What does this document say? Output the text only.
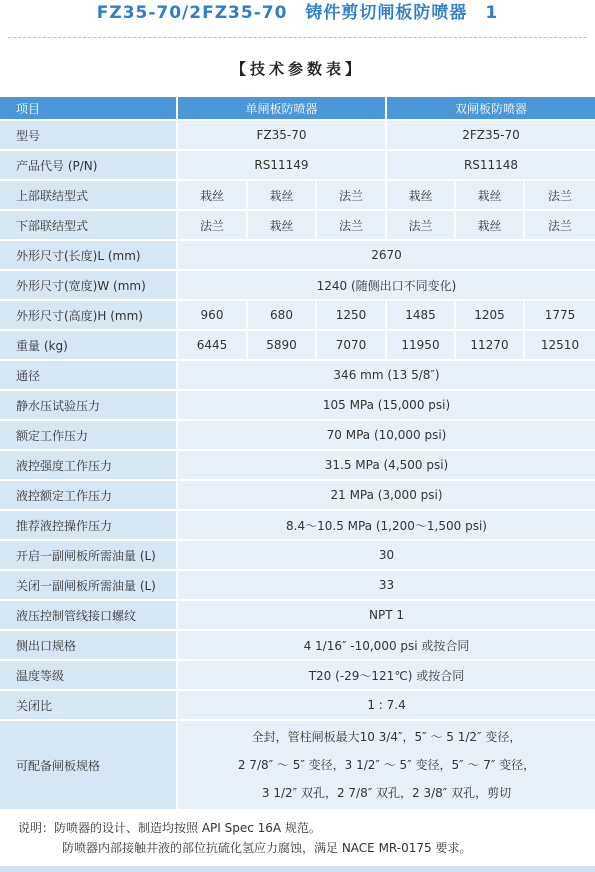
FZ35-70/2FZ35-70　铸件剪切闸板防喷器　1
【技术参数表】
项目	单闸板防喷器			双闸板防喷器		
型号	FZ35-70			2FZ35-70		
产品代号 (P/N)	RS11149			RS11148		
上部联结型式	栽丝	栽丝	法兰	栽丝	栽丝	法兰
下部联结型式	法兰	栽丝	法兰	法兰	栽丝	法兰
外形尺寸(长度)L (mm)	2670					
外形尺寸(宽度)W (mm)	1240 (随侧出口不同变化)					
外形尺寸(高度)H (mm)	960	680	1250	1485	1205	1775
重量 (kg)	6445	5890	7070	11950	11270	12510
通径	346 mm (13 5/8″)					
静水压试验压力	105 MPa (15,000 psi)					
额定工作压力	70 MPa (10,000 psi)					
液控强度工作压力	31.5 MPa (4,500 psi)					
液控额定工作压力	21 MPa (3,000 psi)					
推荐液控操作压力	8.4～10.5 MPa (1,200～1,500 psi)					
开启一副闸板所需油量 (L)	30					
关闭一副闸板所需油量 (L)	33					
液压控制管线接口螺纹	NPT 1					
侧出口规格	4 1/16″ -10,000 psi 或按合同					
温度等级	T20 (-29～121℃) 或按合同					
关闭比	1 : 7.4					
可配备闸板规格	全封，管柱闸板最大10 3/4″，5″ ～ 5 1/2″ 变径，
2 7/8″ ～ 5″ 变径，3 1/2″ ～ 5″ 变径，5″ ～ 7″ 变径，
3 1/2″ 双孔，2 7/8″ 双孔，2 3/8″ 双孔，剪切					
说明：防喷器的设计、制造均按照 API Spec 16A 规范。
防喷器内部接触井液的部位抗硫化氢应力腐蚀，满足 NACE MR-0175 要求。
